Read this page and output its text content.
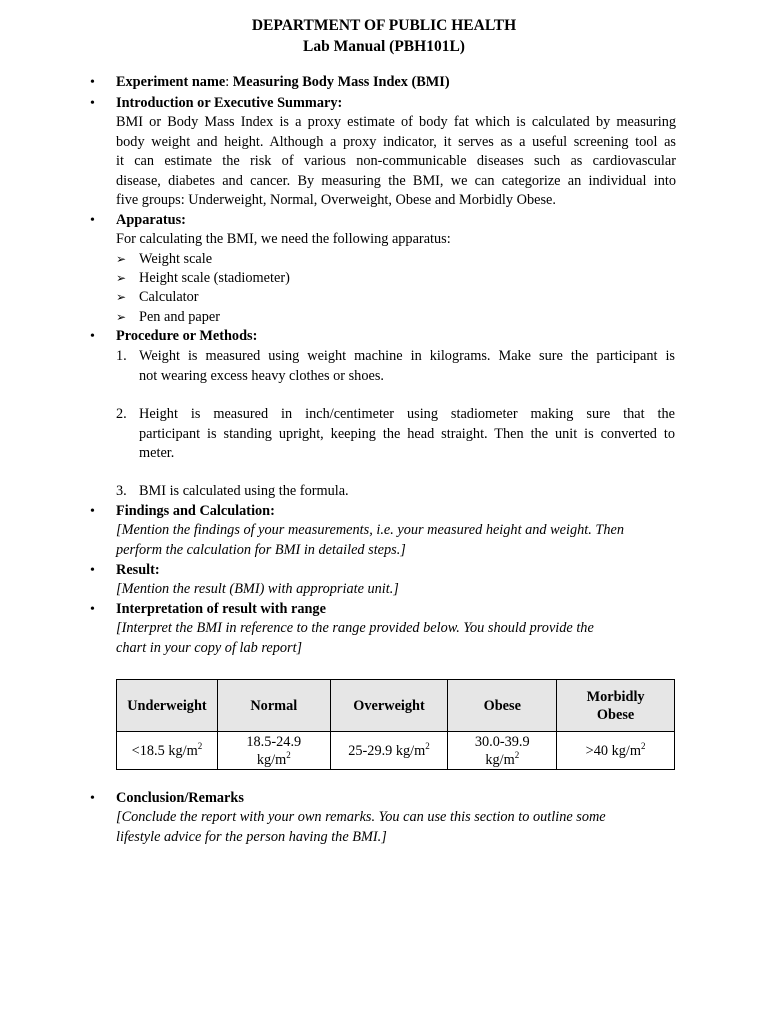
DEPARTMENT OF PUBLIC HEALTH
Lab Manual (PBH101L)
• Experiment name: Measuring Body Mass Index (BMI)
• Introduction or Executive Summary:
BMI or Body Mass Index is a proxy estimate of body fat which is calculated by measuring
body weight and height. Although a proxy indicator, it serves as a useful screening tool as
it can estimate the risk of various non-communicable diseases such as cardiovascular
disease, diabetes and cancer. By measuring the BMI, we can categorize an individual into
five groups: Underweight, Normal, Overweight, Obese and Morbidly Obese.
• Apparatus:
For calculating the BMI, we need the following apparatus:
➢ Weight scale
➢ Height scale (stadiometer)
➢ Calculator
➢ Pen and paper
• Procedure or Methods:
1. Weight is measured using weight machine in kilograms. Make sure the participant is
not wearing excess heavy clothes or shoes.
2. Height is measured in inch/centimeter using stadiometer making sure that the
participant is standing upright, keeping the head straight. Then the unit is converted to
meter.
3. BMI is calculated using the formula.
• Findings and Calculation:
[Mention the findings of your measurements, i.e. your measured height and weight. Then
perform the calculation for BMI in detailed steps.]
• Result:
[Mention the result (BMI) with appropriate unit.]
• Interpretation of result with range
[Interpret the BMI in reference to the range provided below. You should provide the
chart in your copy of lab report]
Underweight	Normal	Overweight	Obese	Morbidly Obese
<18.5 $kg/m^2$	18.5-24.9 $kg/m^2$	25-29.9 $kg/m^2$	30.0-39.9 $kg/m^2$	>40 $kg/m^2$
• Conclusion/Remarks
[Conclude the report with your own remarks. You can use this section to outline some
lifestyle advice for the person having the BMI.]
